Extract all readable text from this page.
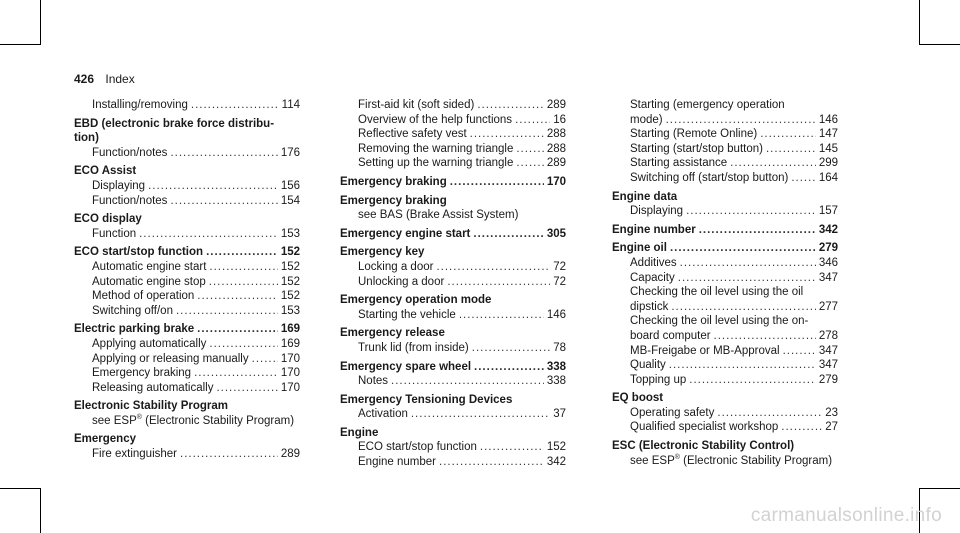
426 Index
Installing/removing .....	114
EBD (electronic brake force distribu-
tion)
Function/notes .....	176
ECO Assist
Displaying .....	156
Function/notes .....	154
ECO display
Function .....	153
ECO start/stop function .....	152
Automatic engine start .....	152
Automatic engine stop .....	152
Method of operation .....	152
Switching off/on .....	153
Electric parking brake .....	169
Applying automatically .....	169
Applying or releasing manually .....	170
Emergency braking .....	170
Releasing automatically .....	170
Electronic Stability Program
see ESP® (Electronic Stability Program)
Emergency
Fire extinguisher .....	289
First-aid kit (soft sided) .....	289
Overview of the help functions .....	16
Reflective safety vest .....	288
Removing the warning triangle .....	288
Setting up the warning triangle .....	289
Emergency braking .....	170
Emergency braking
see BAS (Brake Assist System)
Emergency engine start .....	305
Emergency key
Locking a door .....	72
Unlocking a door .....	72
Emergency operation mode
Starting the vehicle .....	146
Emergency release
Trunk lid (from inside) .....	78
Emergency spare wheel .....	338
Notes .....	338
Emergency Tensioning Devices
Activation .....	37
Engine
ECO start/stop function .....	152
Engine number .....	342
Starting (emergency operation
mode) .....	146
Starting (Remote Online) .....	147
Starting (start/stop button) .....	145
Starting assistance .....	299
Switching off (start/stop button) .....	164
Engine data
Displaying .....	157
Engine number .....	342
Engine oil .....	279
Additives .....	346
Capacity .....	347
Checking the oil level using the oil
dipstick .....	277
Checking the oil level using the on-
board computer .....	278
MB-Freigabe or MB-Approval .....	347
Quality .....	347
Topping up .....	279
EQ boost
Operating safety .....	23
Qualified specialist workshop .....	27
ESC (Electronic Stability Control)
see ESP® (Electronic Stability Program)
carmanualsonline.info
